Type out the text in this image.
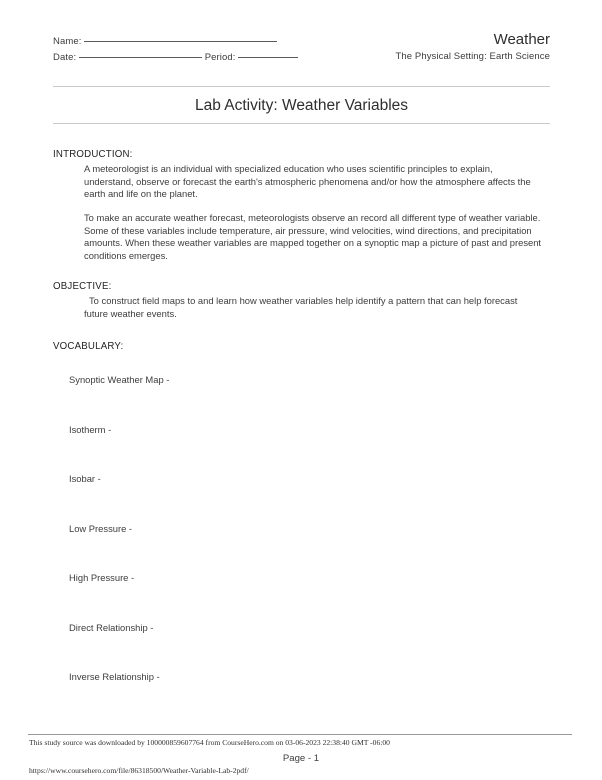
Name:
Date:	Period:
Weather
The Physical Setting: Earth Science
Lab Activity: Weather Variables
INTRODUCTION:
A meteorologist is an individual with specialized education who uses scientific principles to explain, understand, observe or forecast the earth's atmospheric phenomena and/or how the atmosphere affects the earth and life on the planet.
To make an accurate weather forecast, meteorologists observe an record all different type of weather variable. Some of these variables include temperature, air pressure, wind velocities, wind directions, and precipitation amounts. When these weather variables are mapped together on a synoptic map a picture of past and present conditions emerges.
OBJECTIVE:
To construct field maps to and learn how weather variables help identify a pattern that can help forecast future weather events.
VOCABULARY:
Synoptic Weather Map -
Isotherm -
Isobar -
Low Pressure -
High Pressure -
Direct Relationship -
Inverse Relationship -
This study source was downloaded by 100000859607764 from CourseHero.com on 03-06-2023 22:38:40 GMT -06:00
Page - 1
https://www.coursehero.com/file/86318500/Weather-Variable-Lab-2pdf/
